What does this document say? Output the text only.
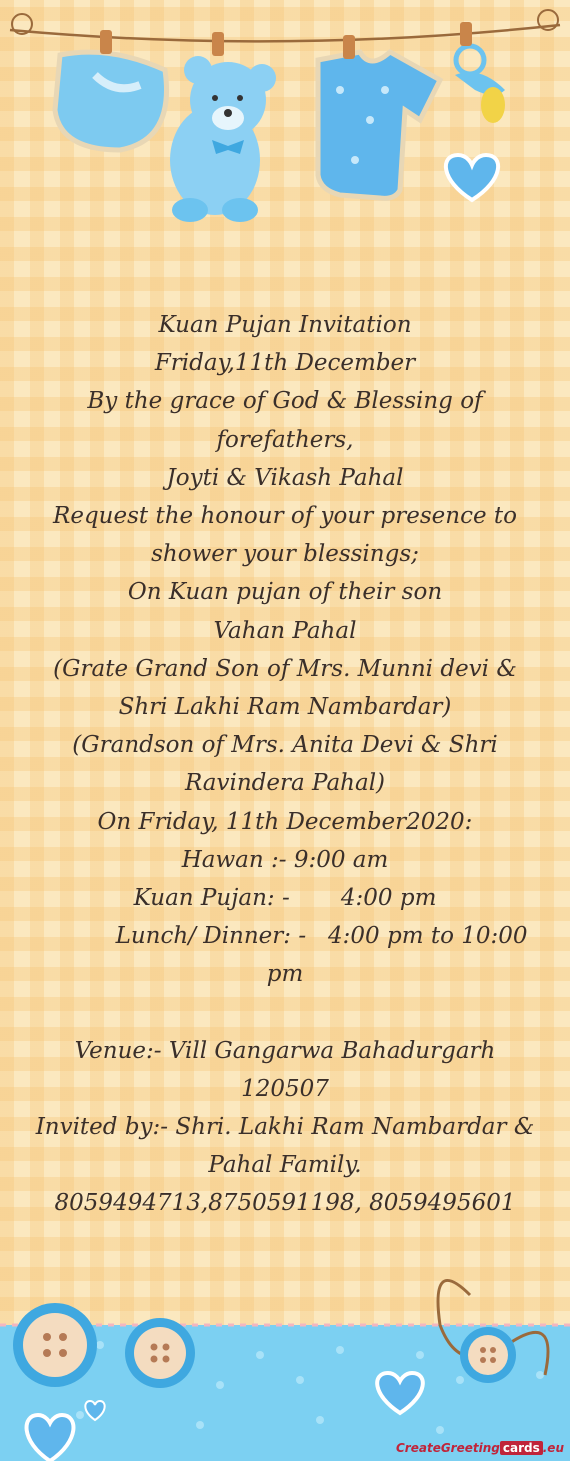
Kuan Pujan Invitation
Friday,11th December
By the grace of God & Blessing of forefathers,
Joyti & Vikash Pahal
Request the honour of your presence to shower your blessings;
On Kuan pujan of their son
Vahan Pahal
(Grate Grand Son of Mrs. Munni devi & Shri Lakhi Ram Nambardar)
(Grandson of Mrs. Anita Devi & Shri Ravindera Pahal)
On Friday, 11th December2020:
Hawan :- 9:00 am
Kuan Pujan: -       4:00 pm
Lunch/ Dinner: -   4:00 pm to 10:00 pm
Venue:- Vill Gangarwa Bahadurgarh 120507
Invited by:- Shri. Lakhi Ram Nambardar & Pahal Family.
8059494713,8750591198, 8059495601
CreateGreeting cards .eu
